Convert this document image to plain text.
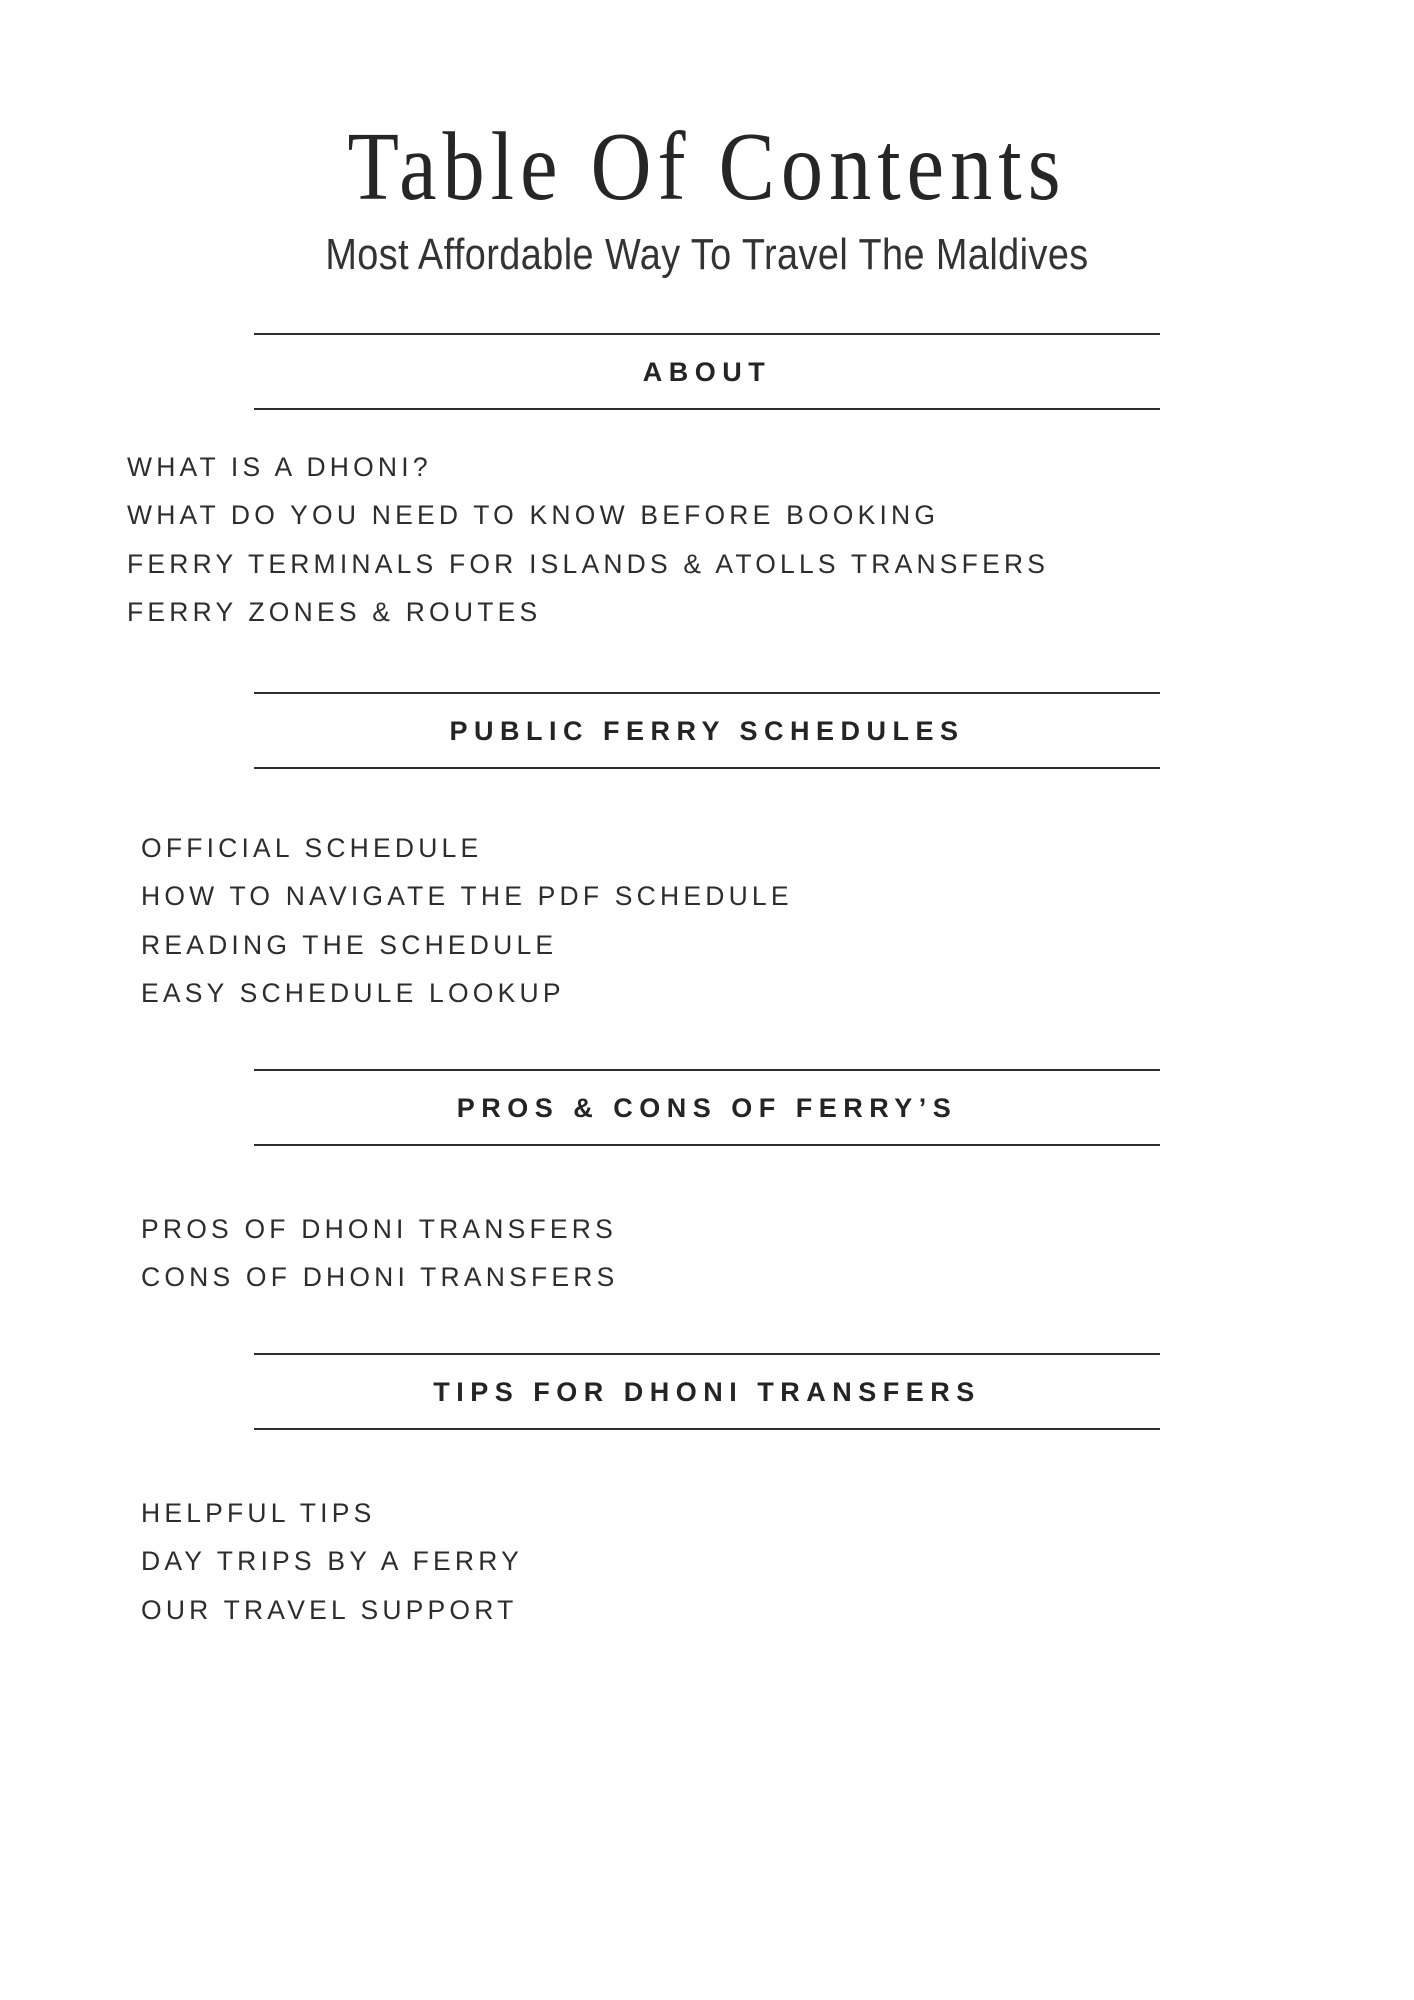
Table Of Contents

Most Affordable Way To Travel The Maldives

ABOUT
WHAT IS A DHONI?
WHAT DO YOU NEED TO KNOW BEFORE BOOKING
FERRY TERMINALS FOR ISLANDS & ATOLLS TRANSFERS
FERRY ZONES & ROUTES
PUBLIC FERRY SCHEDULES
OFFICIAL SCHEDULE
HOW TO NAVIGATE THE PDF SCHEDULE
READING THE SCHEDULE
EASY SCHEDULE LOOKUP
PROS & CONS OF FERRY’S
PROS OF DHONI TRANSFERS
CONS OF DHONI TRANSFERS
TIPS FOR DHONI TRANSFERS
HELPFUL TIPS
DAY TRIPS BY A FERRY
OUR TRAVEL SUPPORT
